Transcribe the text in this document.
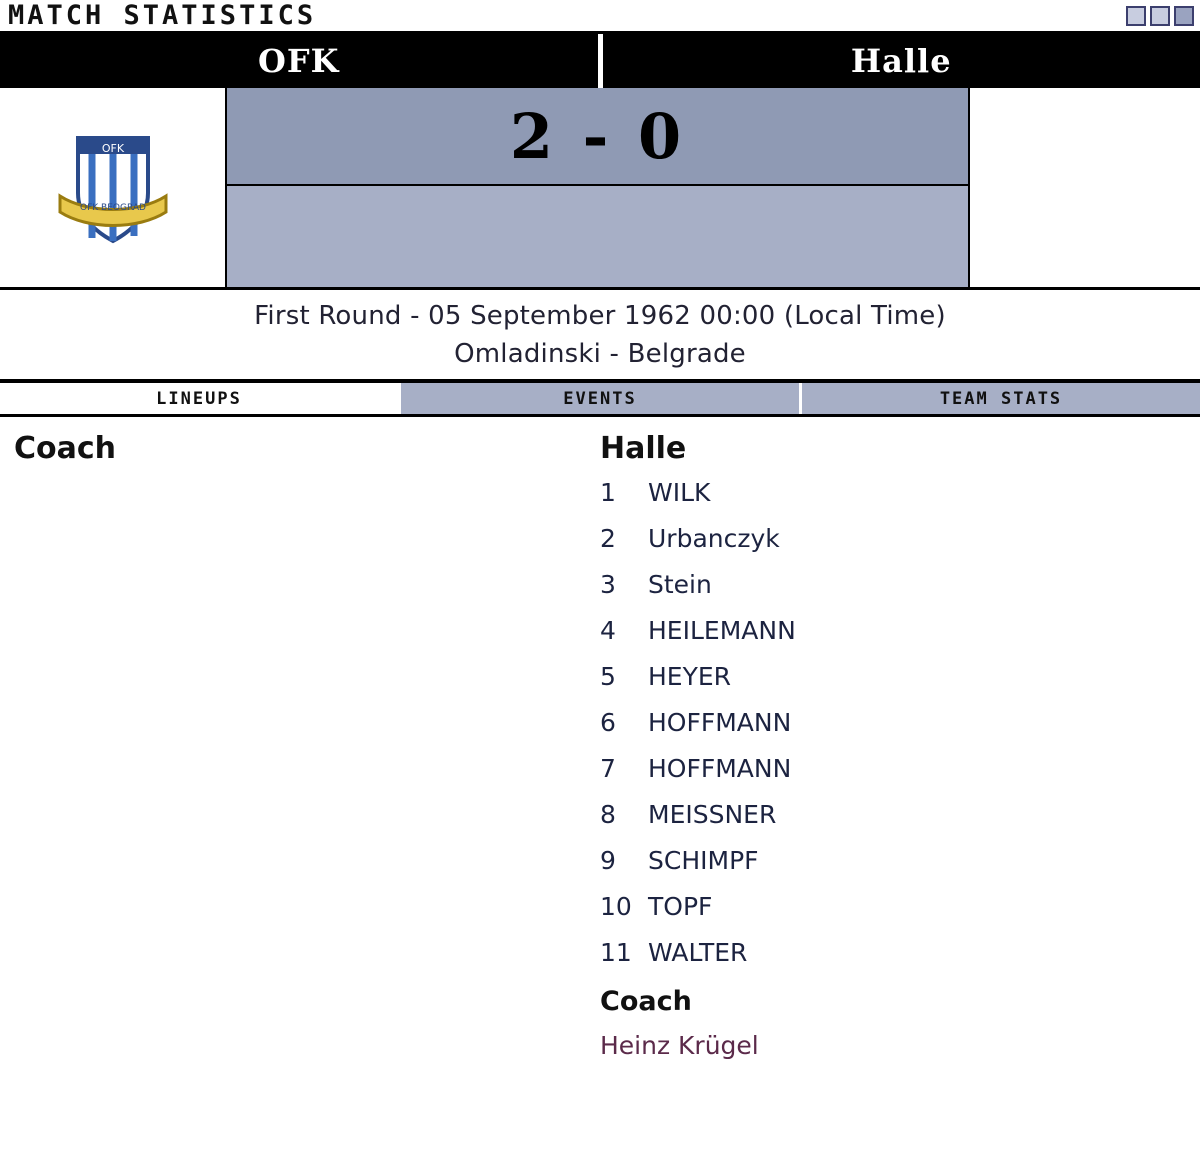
MATCH STATISTICS
OFK	Halle
OFK
OFK BEOGRAD
2 - 0
First Round - 05 September 1962 00:00 (Local Time)
Omladinski - Belgrade
LINEUPS	EVENTS	TEAM STATS
Coach	Halle
1	WILK
2	Urbanczyk
3	Stein
4	HEILEMANN
5	HEYER
6	HOFFMANN
7	HOFFMANN
8	MEISSNER
9	SCHIMPF
10 TOPF
11 WALTER
Coach
Heinz Krügel
